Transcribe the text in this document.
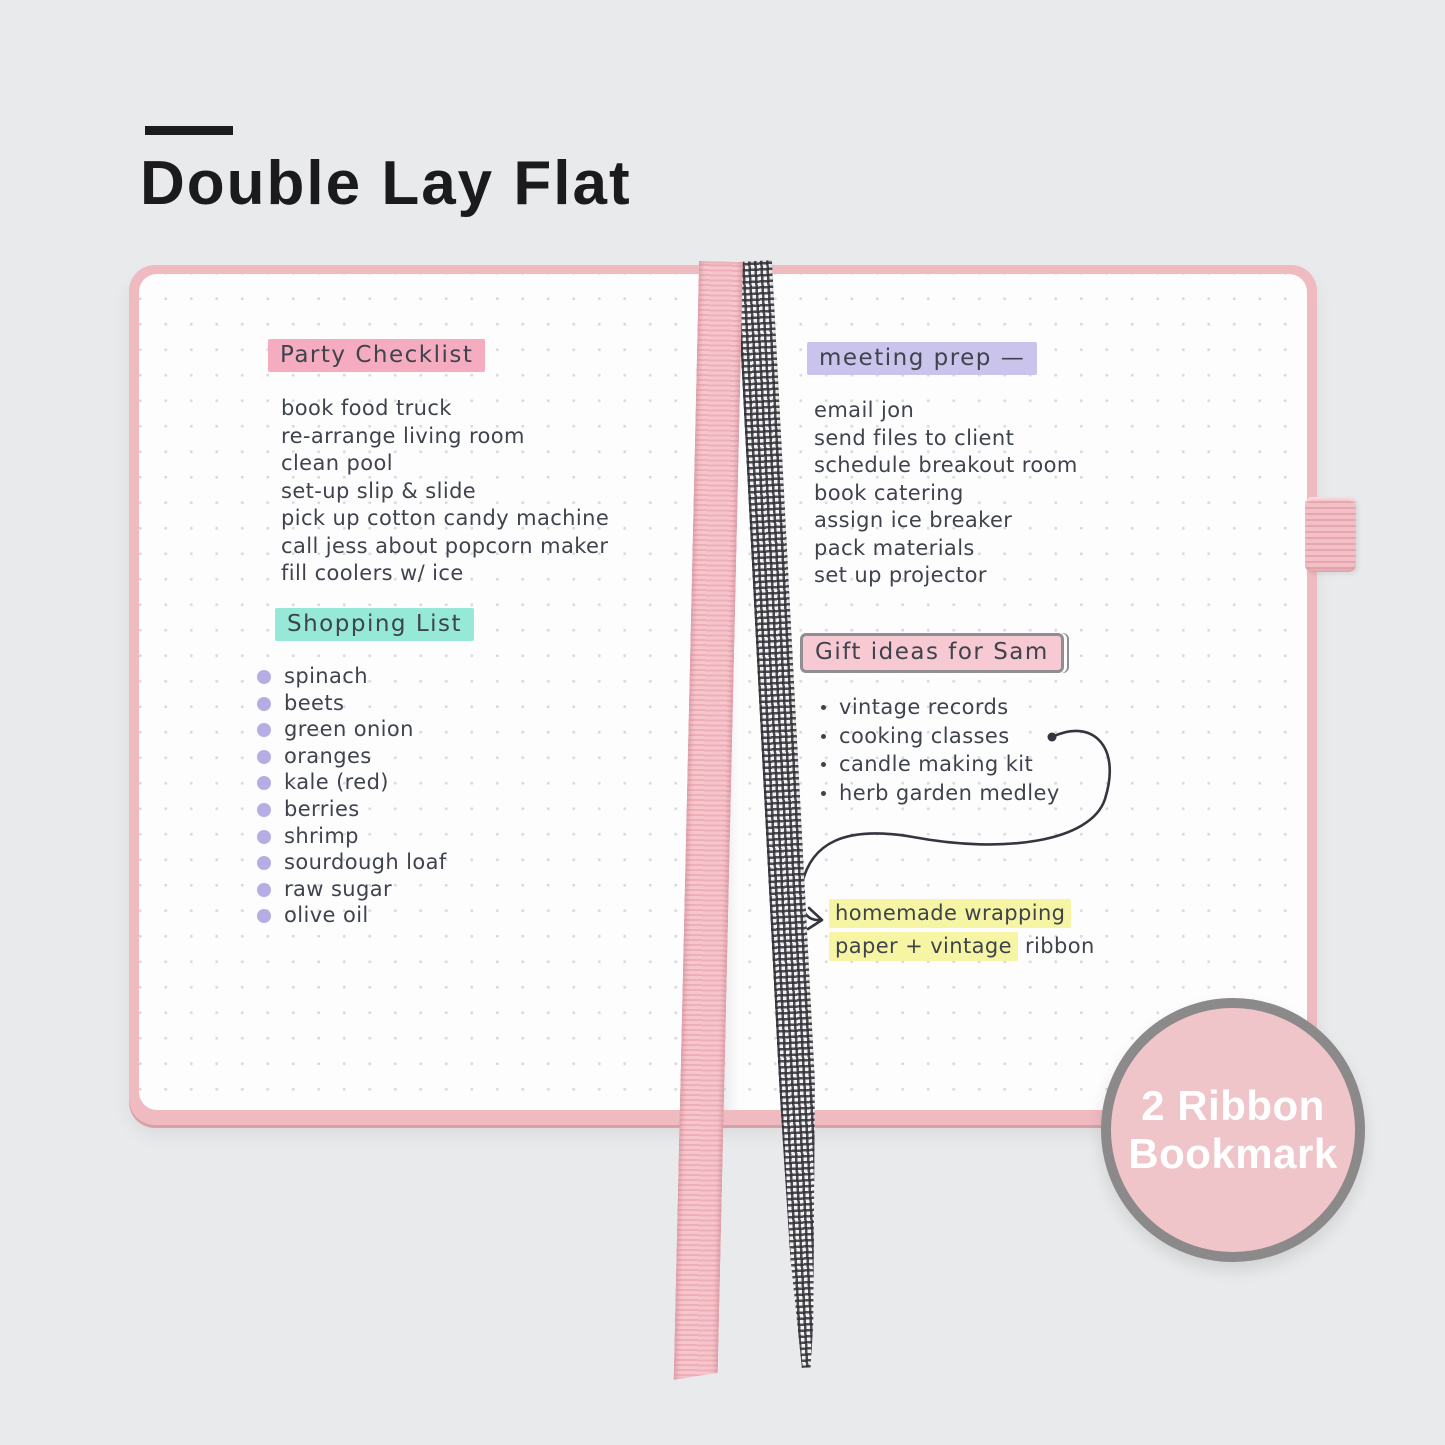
Double Lay Flat
Party Checklist
book food truck
re-arrange living room
clean pool
set-up slip & slide
pick up cotton candy machine
call jess about popcorn maker
fill coolers w/ ice
Shopping List
spinach
beets
green onion
oranges
kale (red)
berries
shrimp
sourdough loaf
raw sugar
olive oil
meeting prep —
email jon
send files to client
schedule breakout room
book catering
assign ice breaker
pack materials
set up projector
Gift ideas for Sam
vintage records
cooking classes
candle making kit
herb garden medley
homemade wrapping
paper + vintage ribbon
2 Ribbon
Bookmark
